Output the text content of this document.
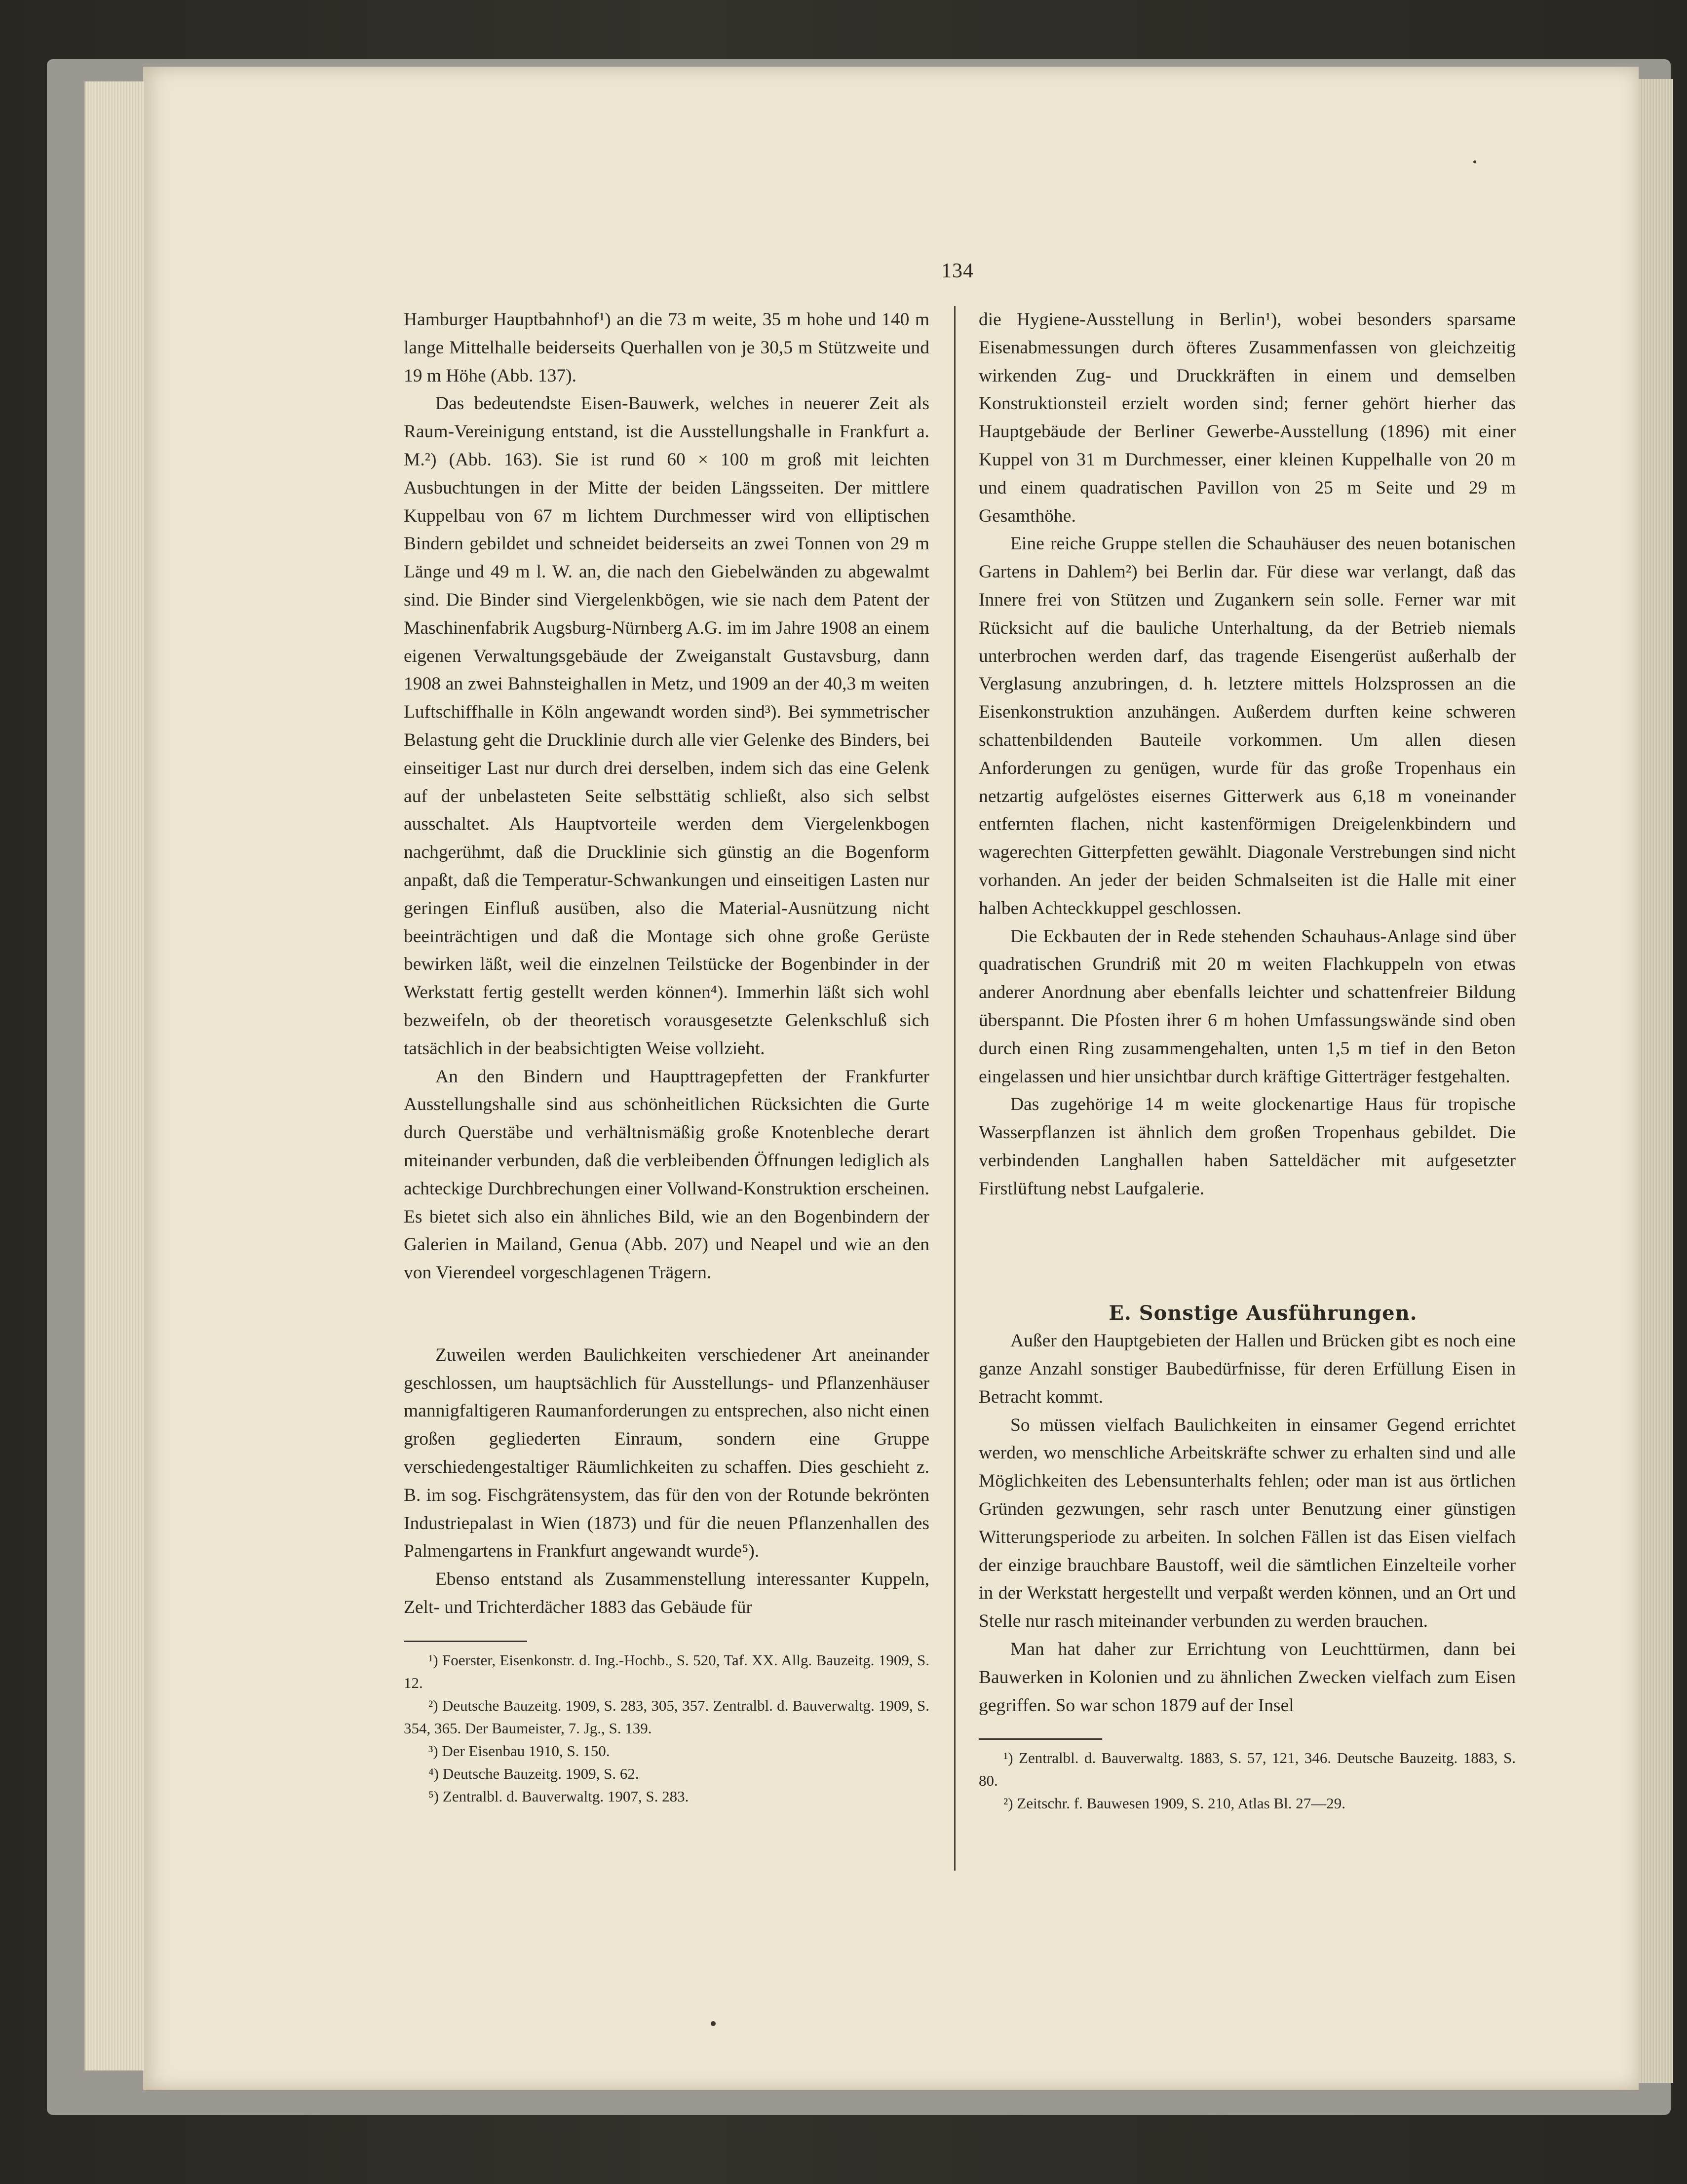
134

Hamburger Hauptbahnhof¹) an die 73 m weite, 35 m hohe und 140 m lange Mittelhalle beiderseits Querhallen von je 30,5 m Stützweite und 19 m Höhe (Abb. 137).

Das bedeutendste Eisen-Bauwerk, welches in neuerer Zeit als Raum-Vereinigung entstand, ist die Ausstellungshalle in Frankfurt a. M.²) (Abb. 163). Sie ist rund 60 × 100 m groß mit leichten Ausbuchtungen in der Mitte der beiden Längsseiten. Der mittlere Kuppelbau von 67 m lichtem Durchmesser wird von elliptischen Bindern gebildet und schneidet beiderseits an zwei Tonnen von 29 m Länge und 49 m l. W. an, die nach den Giebelwänden zu abgewalmt sind. Die Binder sind Viergelenkbögen, wie sie nach dem Patent der Maschinenfabrik Augsburg-Nürnberg A.G. im im Jahre 1908 an einem eigenen Verwaltungsgebäude der Zweiganstalt Gustavsburg, dann 1908 an zwei Bahnsteighallen in Metz, und 1909 an der 40,3 m weiten Luftschiffhalle in Köln angewandt worden sind³). Bei symmetrischer Belastung geht die Drucklinie durch alle vier Gelenke des Binders, bei einseitiger Last nur durch drei derselben, indem sich das eine Gelenk auf der unbelasteten Seite selbsttätig schließt, also sich selbst ausschaltet. Als Hauptvorteile werden dem Viergelenkbogen nachgerühmt, daß die Drucklinie sich günstig an die Bogenform anpaßt, daß die Temperatur-Schwankungen und einseitigen Lasten nur geringen Einfluß ausüben, also die Material-Ausnützung nicht beeinträchtigen und daß die Montage sich ohne große Gerüste bewirken läßt, weil die einzelnen Teilstücke der Bogenbinder in der Werkstatt fertig gestellt werden können⁴). Immerhin läßt sich wohl bezweifeln, ob der theoretisch vorausgesetzte Gelenkschluß sich tatsächlich in der beabsichtigten Weise vollzieht.

An den Bindern und Haupttragepfetten der Frankfurter Ausstellungshalle sind aus schönheitlichen Rücksichten die Gurte durch Querstäbe und verhältnismäßig große Knotenbleche derart miteinander verbunden, daß die verbleibenden Öffnungen lediglich als achteckige Durchbrechungen einer Vollwand-Konstruktion erscheinen. Es bietet sich also ein ähnliches Bild, wie an den Bogenbindern der Galerien in Mailand, Genua (Abb. 207) und Neapel und wie an den von Vierendeel vorgeschlagenen Trägern.

Zuweilen werden Baulichkeiten verschiedener Art aneinander geschlossen, um hauptsächlich für Ausstellungs- und Pflanzenhäuser mannigfaltigeren Raumanforderungen zu entsprechen, also nicht einen großen gegliederten Einraum, sondern eine Gruppe verschiedengestaltiger Räumlichkeiten zu schaffen. Dies geschieht z. B. im sog. Fischgrätensystem, das für den von der Rotunde bekrönten Industriepalast in Wien (1873) und für die neuen Pflanzenhallen des Palmengartens in Frankfurt angewandt wurde⁵).

Ebenso entstand als Zusammenstellung interessanter Kuppeln, Zelt- und Trichterdächer 1883 das Gebäude für

¹) Foerster, Eisenkonstr. d. Ing.-Hochb., S. 520, Taf. XX. Allg. Bauzeitg. 1909, S. 12.
²) Deutsche Bauzeitg. 1909, S. 283, 305, 357. Zentralbl. d. Bauverwaltg. 1909, S. 354, 365. Der Baumeister, 7. Jg., S. 139.
³) Der Eisenbau 1910, S. 150.
⁴) Deutsche Bauzeitg. 1909, S. 62.
⁵) Zentralbl. d. Bauverwaltg. 1907, S. 283.

die Hygiene-Ausstellung in Berlin¹), wobei besonders sparsame Eisenabmessungen durch öfteres Zusammenfassen von gleichzeitig wirkenden Zug- und Druckkräften in einem und demselben Konstruktionsteil erzielt worden sind; ferner gehört hierher das Hauptgebäude der Berliner Gewerbe-Ausstellung (1896) mit einer Kuppel von 31 m Durchmesser, einer kleinen Kuppelhalle von 20 m und einem quadratischen Pavillon von 25 m Seite und 29 m Gesamthöhe.

Eine reiche Gruppe stellen die Schauhäuser des neuen botanischen Gartens in Dahlem²) bei Berlin dar. Für diese war verlangt, daß das Innere frei von Stützen und Zugankern sein solle. Ferner war mit Rücksicht auf die bauliche Unterhaltung, da der Betrieb niemals unterbrochen werden darf, das tragende Eisengerüst außerhalb der Verglasung anzubringen, d. h. letztere mittels Holzsprossen an die Eisenkonstruktion anzuhängen. Außerdem durften keine schweren schattenbildenden Bauteile vorkommen. Um allen diesen Anforderungen zu genügen, wurde für das große Tropenhaus ein netzartig aufgelöstes eisernes Gitterwerk aus 6,18 m voneinander entfernten flachen, nicht kastenförmigen Dreigelenkbindern und wagerechten Gitterpfetten gewählt. Diagonale Verstrebungen sind nicht vorhanden. An jeder der beiden Schmalseiten ist die Halle mit einer halben Achteckkuppel geschlossen.

Die Eckbauten der in Rede stehenden Schauhaus-Anlage sind über quadratischen Grundriß mit 20 m weiten Flachkuppeln von etwas anderer Anordnung aber ebenfalls leichter und schattenfreier Bildung überspannt. Die Pfosten ihrer 6 m hohen Umfassungswände sind oben durch einen Ring zusammengehalten, unten 1,5 m tief in den Beton eingelassen und hier unsichtbar durch kräftige Gitterträger festgehalten.

Das zugehörige 14 m weite glockenartige Haus für tropische Wasserpflanzen ist ähnlich dem großen Tropenhaus gebildet. Die verbindenden Langhallen haben Satteldächer mit aufgesetzter Firstlüftung nebst Laufgalerie.

E. Sonstige Ausführungen.

Außer den Hauptgebieten der Hallen und Brücken gibt es noch eine ganze Anzahl sonstiger Baubedürfnisse, für deren Erfüllung Eisen in Betracht kommt.

So müssen vielfach Baulichkeiten in einsamer Gegend errichtet werden, wo menschliche Arbeitskräfte schwer zu erhalten sind und alle Möglichkeiten des Lebensunterhalts fehlen; oder man ist aus örtlichen Gründen gezwungen, sehr rasch unter Benutzung einer günstigen Witterungsperiode zu arbeiten. In solchen Fällen ist das Eisen vielfach der einzige brauchbare Baustoff, weil die sämtlichen Einzelteile vorher in der Werkstatt hergestellt und verpaßt werden können, und an Ort und Stelle nur rasch miteinander verbunden zu werden brauchen.

Man hat daher zur Errichtung von Leuchttürmen, dann bei Bauwerken in Kolonien und zu ähnlichen Zwecken vielfach zum Eisen gegriffen. So war schon 1879 auf der Insel

¹) Zentralbl. d. Bauverwaltg. 1883, S. 57, 121, 346. Deutsche Bauzeitg. 1883, S. 80.
²) Zeitschr. f. Bauwesen 1909, S. 210, Atlas Bl. 27—29.
